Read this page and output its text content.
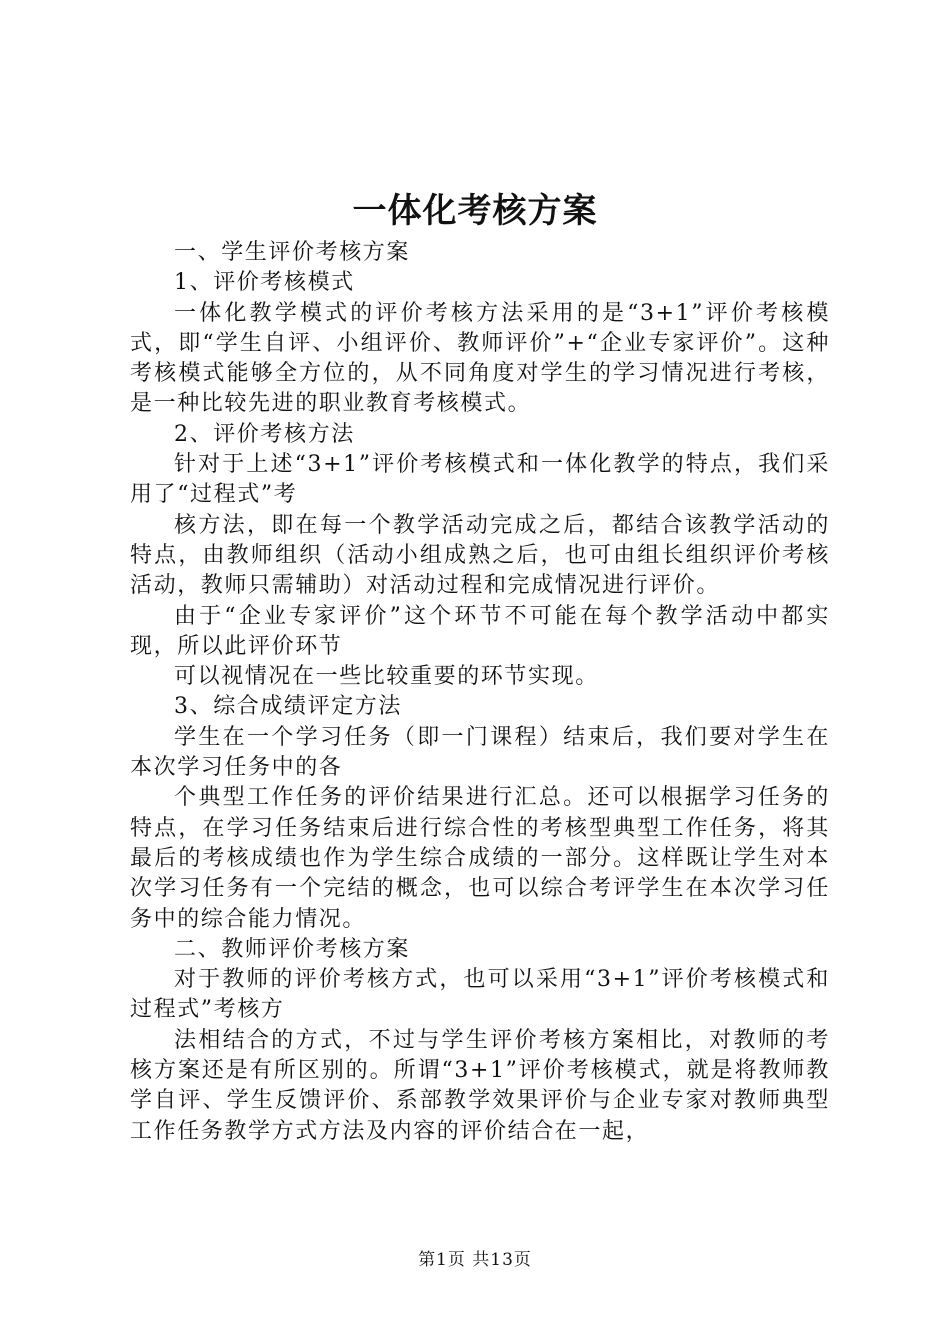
一体化考核方案

一、学生评价考核方案

1、评价考核模式

一体化教学模式的评价考核方法采用的是“3+1”评价考核模式，即“学生自评、小组评价、教师评价”+“企业专家评价”。这种考核模式能够全方位的，从不同角度对学生的学习情况进行考核，是一种比较先进的职业教育考核模式。

2、评价考核方法

针对于上述“3+1”评价考核模式和一体化教学的特点，我们采用了“过程式”考

核方法，即在每一个教学活动完成之后，都结合该教学活动的特点，由教师组织（活动小组成熟之后，也可由组长组织评价考核活动，教师只需辅助）对活动过程和完成情况进行评价。

由于“企业专家评价”这个环节不可能在每个教学活动中都实现，所以此评价环节

可以视情况在一些比较重要的环节实现。

3、综合成绩评定方法

学生在一个学习任务（即一门课程）结束后，我们要对学生在本次学习任务中的各

个典型工作任务的评价结果进行汇总。还可以根据学习任务的特点，在学习任务结束后进行综合性的考核型典型工作任务，将其最后的考核成绩也作为学生综合成绩的一部分。这样既让学生对本次学习任务有一个完结的概念，也可以综合考评学生在本次学习任务中的综合能力情况。

二、教师评价考核方案

对于教师的评价考核方式，也可以采用“3+1”评价考核模式和过程式”考核方

法相结合的方式，不过与学生评价考核方案相比，对教师的考核方案还是有所区别的。所谓“3+1”评价考核模式，就是将教师教学自评、学生反馈评价、系部教学效果评价与企业专家对教师典型工作任务教学方式方法及内容的评价结合在一起，

第1页 共13页
